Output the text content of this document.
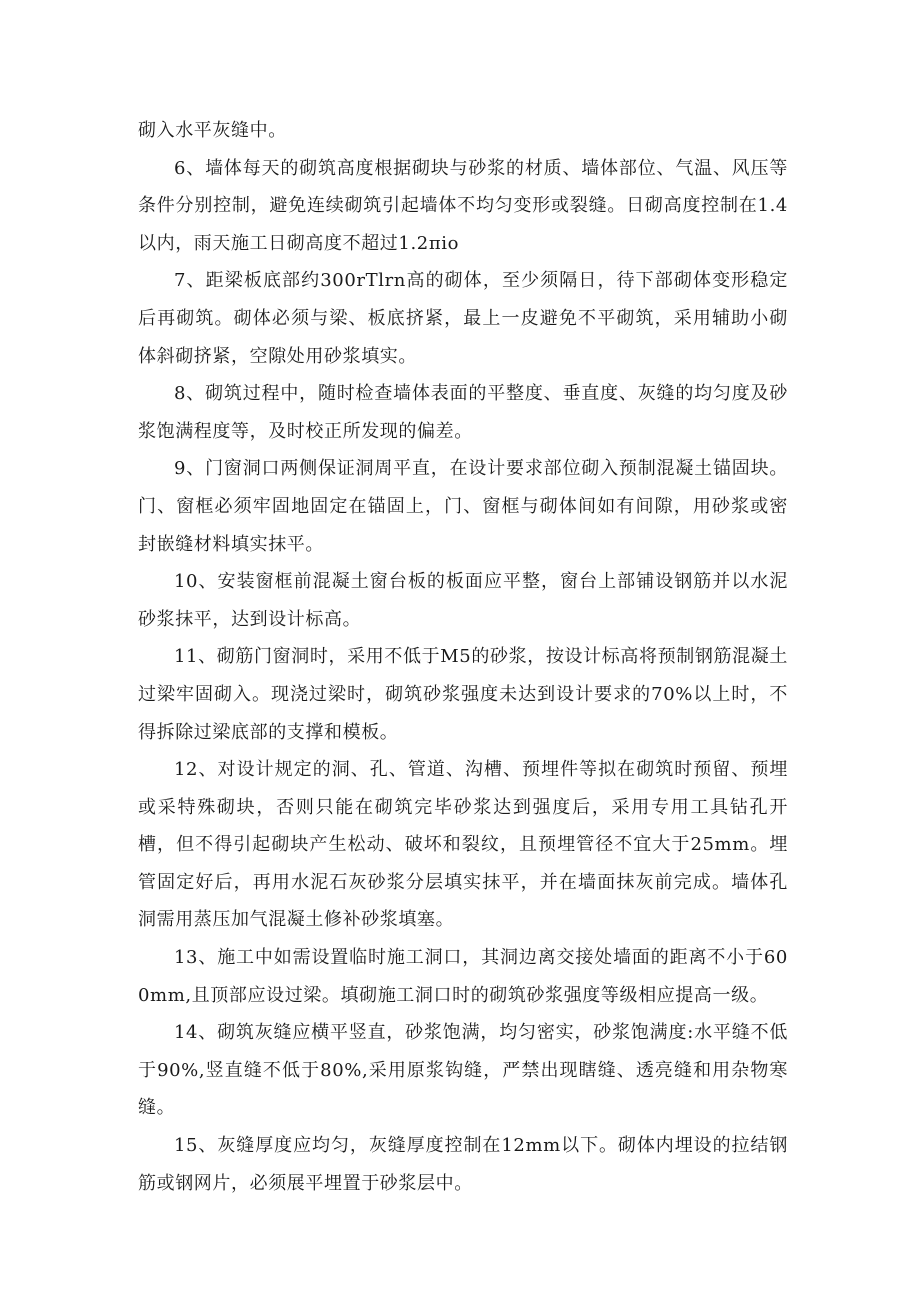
砌入水平灰缝中。

6、墙体每天的砌筑高度根据砌块与砂浆的材质、墙体部位、气温、风压等条件分别控制，避免连续砌筑引起墙体不均匀变形或裂缝。日砌高度控制在1.4以内，雨天施工日砌高度不超过1.2πio

7、距梁板底部约300rTlrn高的砌体，至少须隔日，待下部砌体变形稳定后再砌筑。砌体必须与梁、板底挤紧，最上一皮避免不平砌筑，采用辅助小砌体斜砌挤紧，空隙处用砂浆填实。

8、砌筑过程中，随时检查墙体表面的平整度、垂直度、灰缝的均匀度及砂浆饱满程度等，及时校正所发现的偏差。

9、门窗洞口两侧保证洞周平直，在设计要求部位砌入预制混凝土锚固块。门、窗框必须牢固地固定在锚固上，门、窗框与砌体间如有间隙，用砂浆或密封嵌缝材料填实抹平。

10、安装窗框前混凝土窗台板的板面应平整，窗台上部铺设钢筋并以水泥砂浆抹平，达到设计标高。

11、砌筋门窗洞时，采用不低于M5的砂浆，按设计标高将预制钢筋混凝土过梁牢固砌入。现浇过梁时，砌筑砂浆强度未达到设计要求的70%以上时，不得拆除过梁底部的支撑和模板。

12、对设计规定的洞、孔、管道、沟槽、预埋件等拟在砌筑时预留、预埋或采特殊砌块，否则只能在砌筑完毕砂浆达到强度后，采用专用工具钻孔开槽，但不得引起砌块产生松动、破坏和裂纹，且预埋管径不宜大于25mm。埋管固定好后，再用水泥石灰砂浆分层填实抹平，并在墙面抹灰前完成。墙体孔洞需用蒸压加气混凝土修补砂浆填塞。

13、施工中如需设置临时施工洞口，其洞边离交接处墙面的距离不小于600mm,且顶部应设过梁。填砌施工洞口时的砌筑砂浆强度等级相应提高一级。

14、砌筑灰缝应横平竖直，砂浆饱满，均匀密实，砂浆饱满度:水平缝不低于90%,竖直缝不低于80%,采用原浆钩缝，严禁出现瞎缝、透亮缝和用杂物寒缝。

15、灰缝厚度应均匀，灰缝厚度控制在12mm以下。砌体内埋设的拉结钢筋或钢网片，必须展平埋置于砂浆层中。
